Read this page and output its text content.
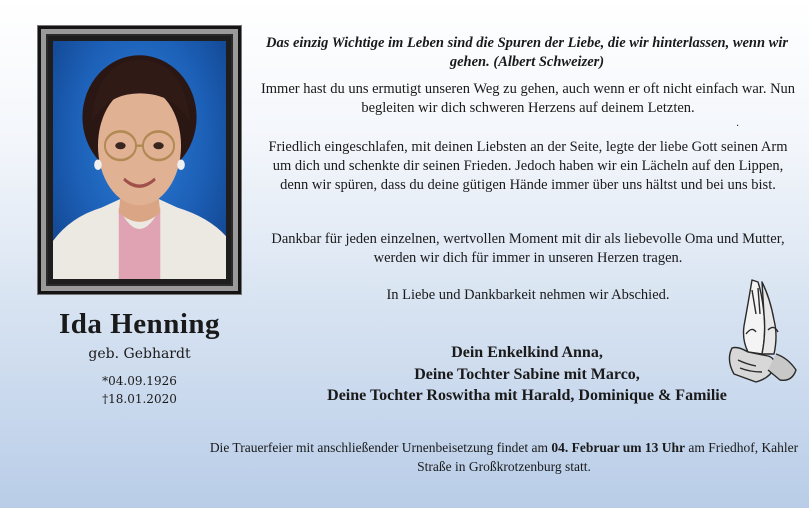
Ida Henning
geb. Gebhardt
*04.09.1926
†18.01.2020
Das einzig Wichtige im Leben sind die Spuren der Liebe, die wir hinterlassen, wenn wir gehen. (Albert Schweizer)
Immer hast du uns ermutigt unseren Weg zu gehen, auch wenn er oft nicht einfach war. Nun begleiten wir dich schweren Herzens auf deinem Letzten.
.
Friedlich eingeschlafen, mit deinen Liebsten an der Seite, legte der liebe Gott seinen Arm um dich und schenkte dir seinen Frieden. Jedoch haben wir ein Lächeln auf den Lippen, denn wir spüren, dass du deine gütigen Hände immer über uns hältst und bei uns bist.
Dankbar für jeden einzelnen, wertvollen Moment mit dir als liebevolle Oma und Mutter, werden wir dich für immer in unseren Herzen tragen.
In Liebe und Dankbarkeit nehmen wir Abschied.
Dein Enkelkind Anna,
Deine Tochter Sabine mit Marco,
Deine Tochter Roswitha mit Harald, Dominique & Familie
Die Trauerfeier mit anschließender Urnenbeisetzung findet am 04. Februar um 13 Uhr am Friedhof, Kahler Straße in Großkrotzenburg statt.
